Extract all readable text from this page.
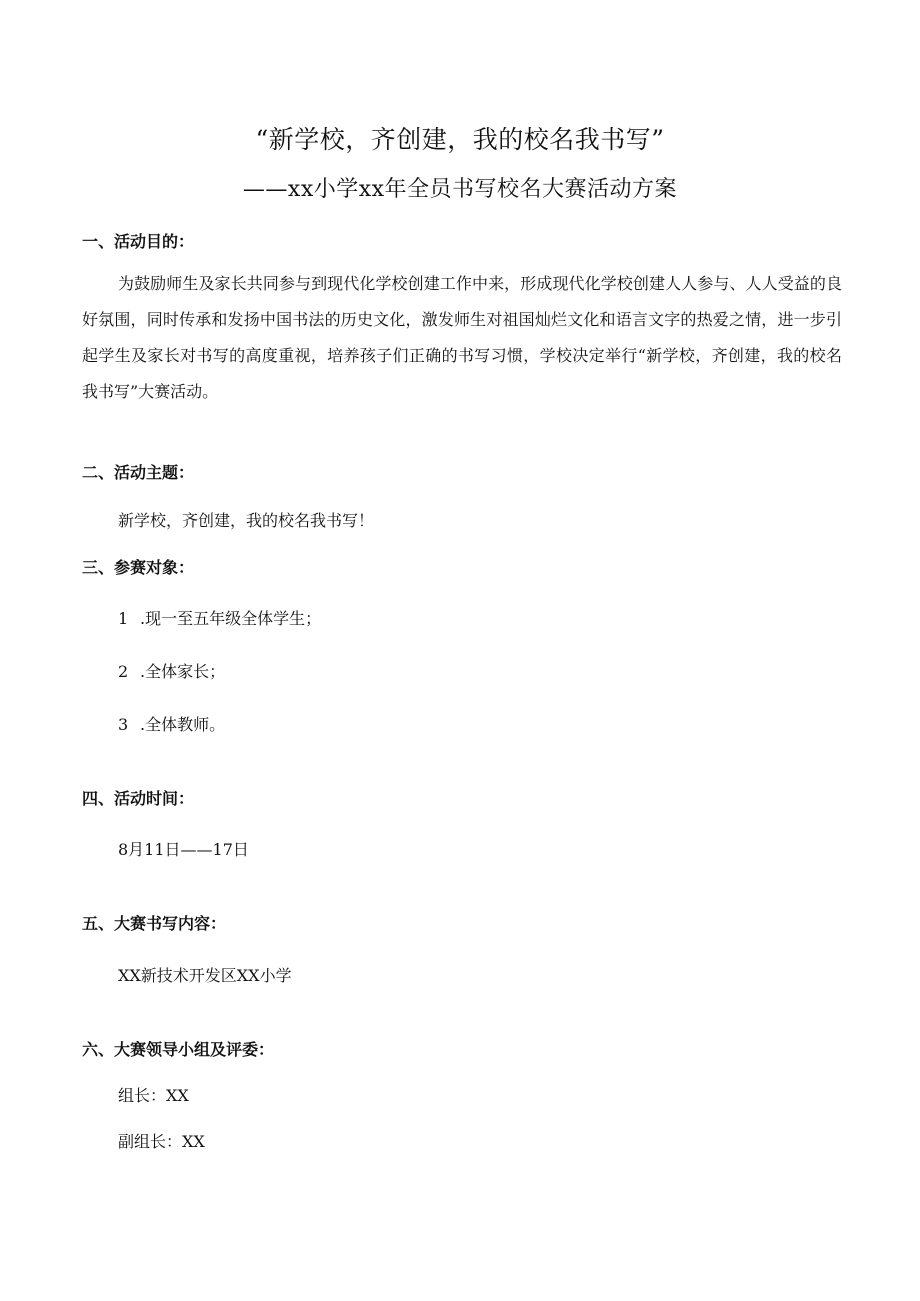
“新学校，齐创建，我的校名我书写”
——xx小学xx年全员书写校名大赛活动方案
一、活动目的：
为鼓励师生及家长共同参与到现代化学校创建工作中来，形成现代化学校创建人人参与、人人受益的良好氛围，同时传承和发扬中国书法的历史文化，激发师生对祖国灿烂文化和语言文字的热爱之情，进一步引起学生及家长对书写的高度重视，培养孩子们正确的书写习惯，学校决定举行“新学校，齐创建，我的校名我书写”大赛活动。
二、活动主题：
新学校，齐创建，我的校名我书写！
三、参赛对象：
1 .现一至五年级全体学生；
2 .全体家长；
3 .全体教师。
四、活动时间：
8月11日——17日
五、大赛书写内容：
XX新技术开发区XX小学
六、大赛领导小组及评委：
组长：XX
副组长：XX
